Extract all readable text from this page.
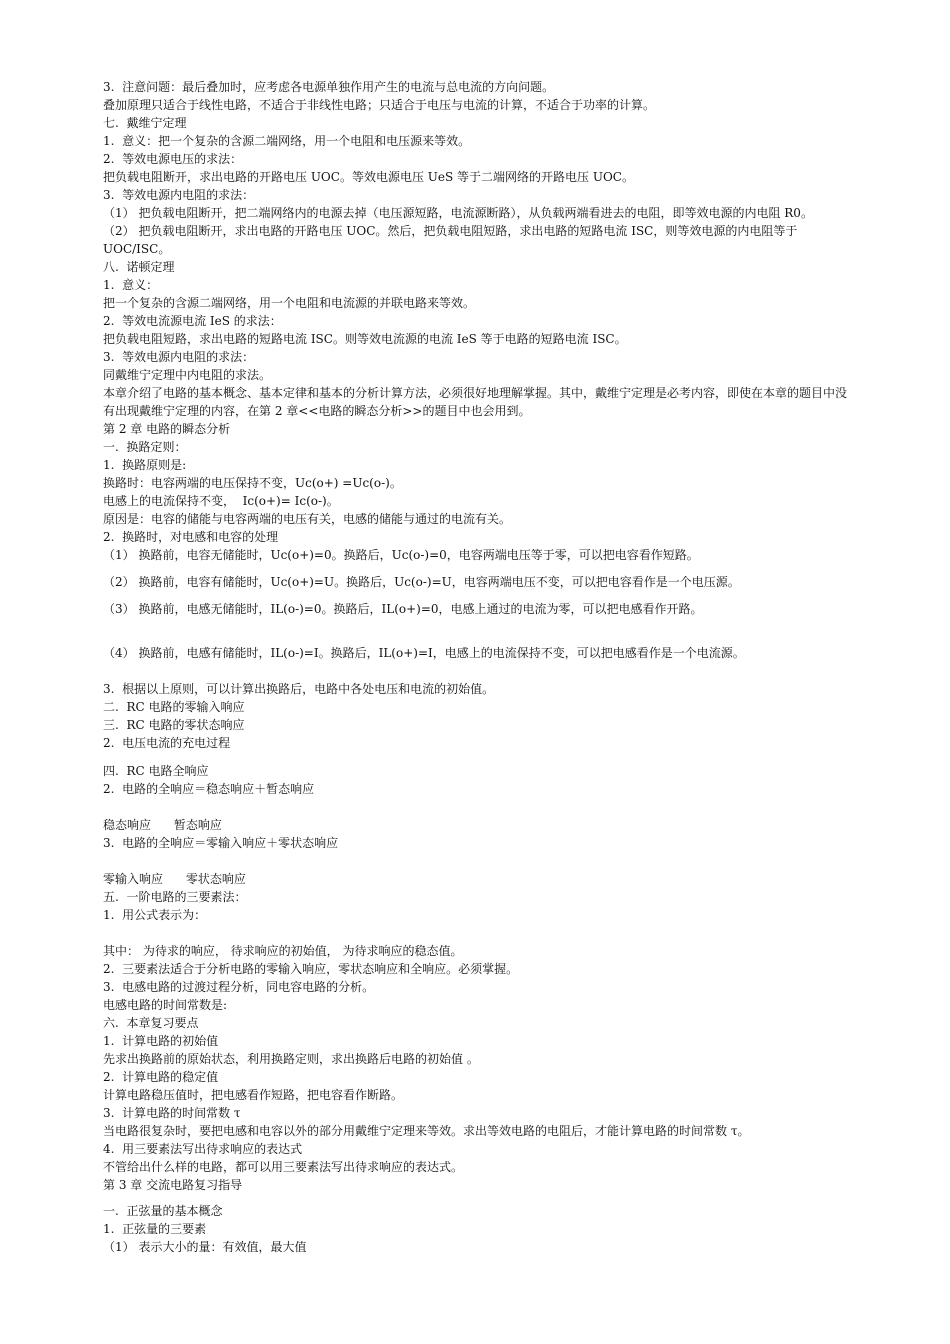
3.  注意问题：最后叠加时，应考虑各电源单独作用产生的电流与总电流的方向问题。

叠加原理只适合于线性电路，不适合于非线性电路；只适合于电压与电流的计算，不适合于功率的计算。

七.  戴维宁定理

1.  意义：把一个复杂的含源二端网络，用一个电阻和电压源来等效。

2.  等效电源电压的求法：

把负载电阻断开，求出电路的开路电压 UOC。等效电源电压 UeS 等于二端网络的开路电压 UOC。

3.  等效电源内电阻的求法：

（1） 把负载电阻断开，把二端网络内的电源去掉（电压源短路，电流源断路），从负载两端看进去的电阻，即等效电源的内电阻 R0。

（2） 把负载电阻断开，求出电路的开路电压 UOC。然后，把负载电阻短路，求出电路的短路电流 ISC，则等效电源的内电阻等于 UOC/ISC。

八.  诺顿定理

1.  意义：

把一个复杂的含源二端网络，用一个电阻和电流源的并联电路来等效。

2.  等效电流源电流 IeS 的求法：

把负载电阻短路，求出电路的短路电流 ISC。则等效电流源的电流 IeS 等于电路的短路电流 ISC。

3.  等效电源内电阻的求法：

同戴维宁定理中内电阻的求法。

本章介绍了电路的基本概念、基本定律和基本的分析计算方法，必须很好地理解掌握。其中，戴维宁定理是必考内容，即使在本章的题目中没有出现戴维宁定理的内容，在第 2 章<<电路的瞬态分析>>的题目中也会用到。

第 2 章 电路的瞬态分析

一.  换路定则：

1.  换路原则是:

换路时：电容两端的电压保持不变，Uc(o+) =Uc(o-)。

电感上的电流保持不变，  Ic(o+)= Ic(o-)。

原因是：电容的储能与电容两端的电压有关，电感的储能与通过的电流有关。

2.  换路时，对电感和电容的处理

（1） 换路前，电容无储能时，Uc(o+)=0。换路后，Uc(o-)=0，电容两端电压等于零，可以把电容看作短路。

（2） 换路前，电容有储能时，Uc(o+)=U。换路后，Uc(o-)=U，电容两端电压不变，可以把电容看作是一个电压源。

（3） 换路前，电感无储能时，IL(o-)=0。换路后，IL(o+)=0，电感上通过的电流为零，可以把电感看作开路。

（4） 换路前，电感有储能时，IL(o-)=I。换路后，IL(o+)=I，电感上的电流保持不变，可以把电感看作是一个电流源。

3.  根据以上原则，可以计算出换路后，电路中各处电压和电流的初始值。

二.  RC 电路的零输入响应

三.  RC 电路的零状态响应

2.  电压电流的充电过程

四.  RC 电路全响应

2.  电路的全响应＝稳态响应＋暂态响应

稳态响应      暂态响应

3.  电路的全响应＝零输入响应＋零状态响应

零输入响应      零状态响应

五.  一阶电路的三要素法：

1.  用公式表示为：

其中： 为待求的响应， 待求响应的初始值， 为待求响应的稳态值。

2.  三要素法适合于分析电路的零输入响应，零状态响应和全响应。必须掌握。

3.  电感电路的过渡过程分析，同电容电路的分析。

电感电路的时间常数是:

六.  本章复习要点

1.  计算电路的初始值

先求出换路前的原始状态，利用换路定则，求出换路后电路的初始值 。

2.  计算电路的稳定值

计算电路稳压值时，把电感看作短路，把电容看作断路。

3.  计算电路的时间常数 τ

当电路很复杂时，要把电感和电容以外的部分用戴维宁定理来等效。求出等效电路的电阻后，才能计算电路的时间常数 τ。

4.  用三要素法写出待求响应的表达式

不管给出什么样的电路，都可以用三要素法写出待求响应的表达式。

第 3 章 交流电路复习指导

一.  正弦量的基本概念

1.  正弦量的三要素

（1） 表示大小的量：有效值，最大值
